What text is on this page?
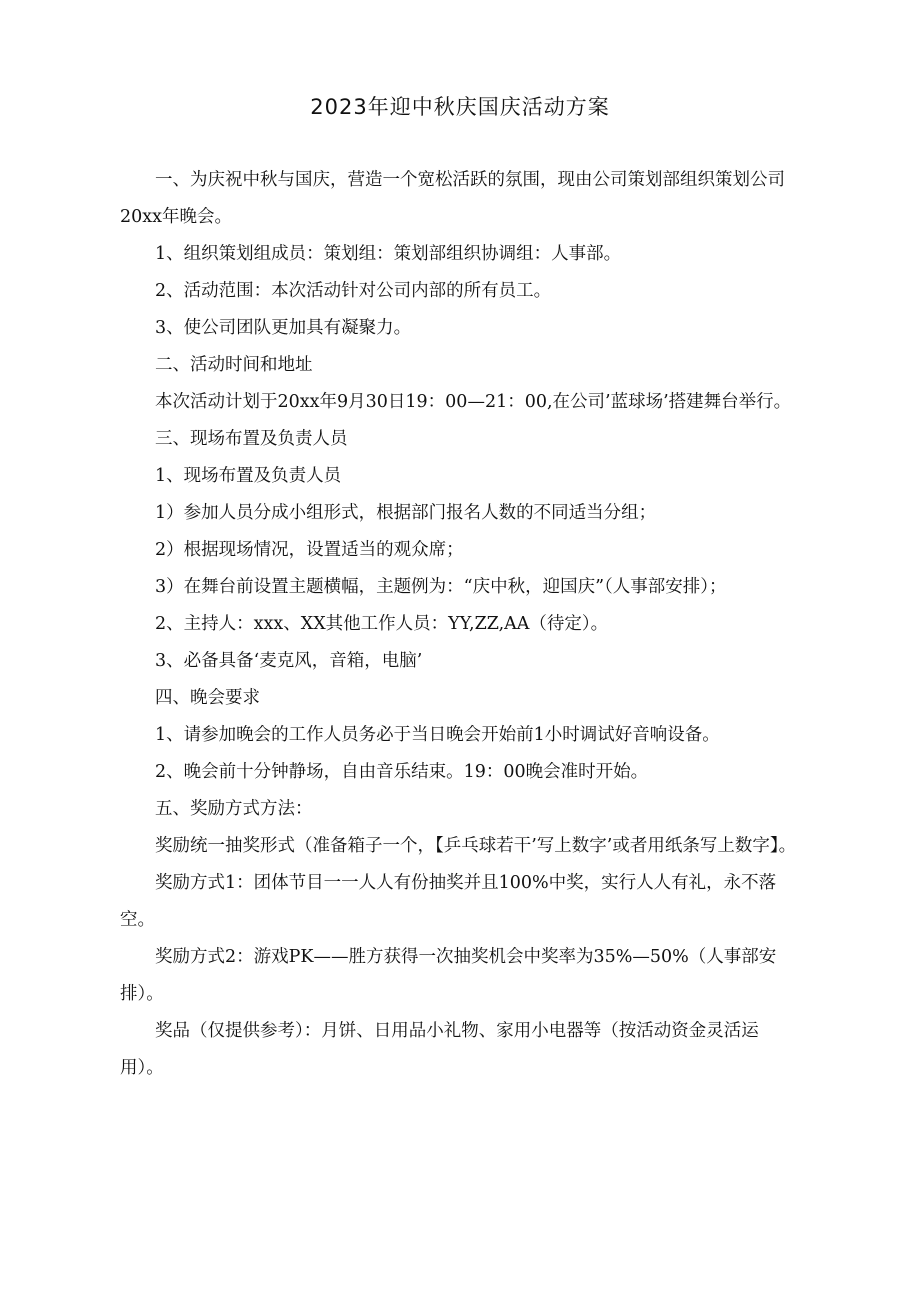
2023年迎中秋庆国庆活动方案

一、为庆祝中秋与国庆，营造一个宽松活跃的氛围，现由公司策划部组织策划公司20xx年晚会。

1、组织策划组成员：策划组：策划部组织协调组：人事部。

2、活动范围：本次活动针对公司内部的所有员工。

3、使公司团队更加具有凝聚力。

二、活动时间和地址

本次活动计划于20xx年9月30日19：00—21：00,在公司’蓝球场’搭建舞台举行。

三、现场布置及负责人员

1、现场布置及负责人员

1）参加人员分成小组形式，根据部门报名人数的不同适当分组；

2）根据现场情况，设置适当的观众席；

3）在舞台前设置主题横幅，主题例为：“庆中秋，迎国庆”（人事部安排）；

2、主持人：xxx、XX其他工作人员：YY,ZZ,AA（待定）。

3、必备具备‘麦克风，音箱，电脑’

四、晚会要求

1、请参加晚会的工作人员务必于当日晚会开始前1小时调试好音响设备。

2、晚会前十分钟静场，自由音乐结束。19：00晚会准时开始。

五、奖励方式方法：

奖励统一抽奖形式（准备箱子一个，【乒乓球若干’写上数字’或者用纸条写上数字】。

奖励方式1：团体节目一一人人有份抽奖并且100%中奖，实行人人有礼，永不落空。

奖励方式2：游戏PK——胜方获得一次抽奖机会中奖率为35%—50%（人事部安排）。

奖品（仅提供参考）：月饼、日用品小礼物、家用小电器等（按活动资金灵活运用）。
